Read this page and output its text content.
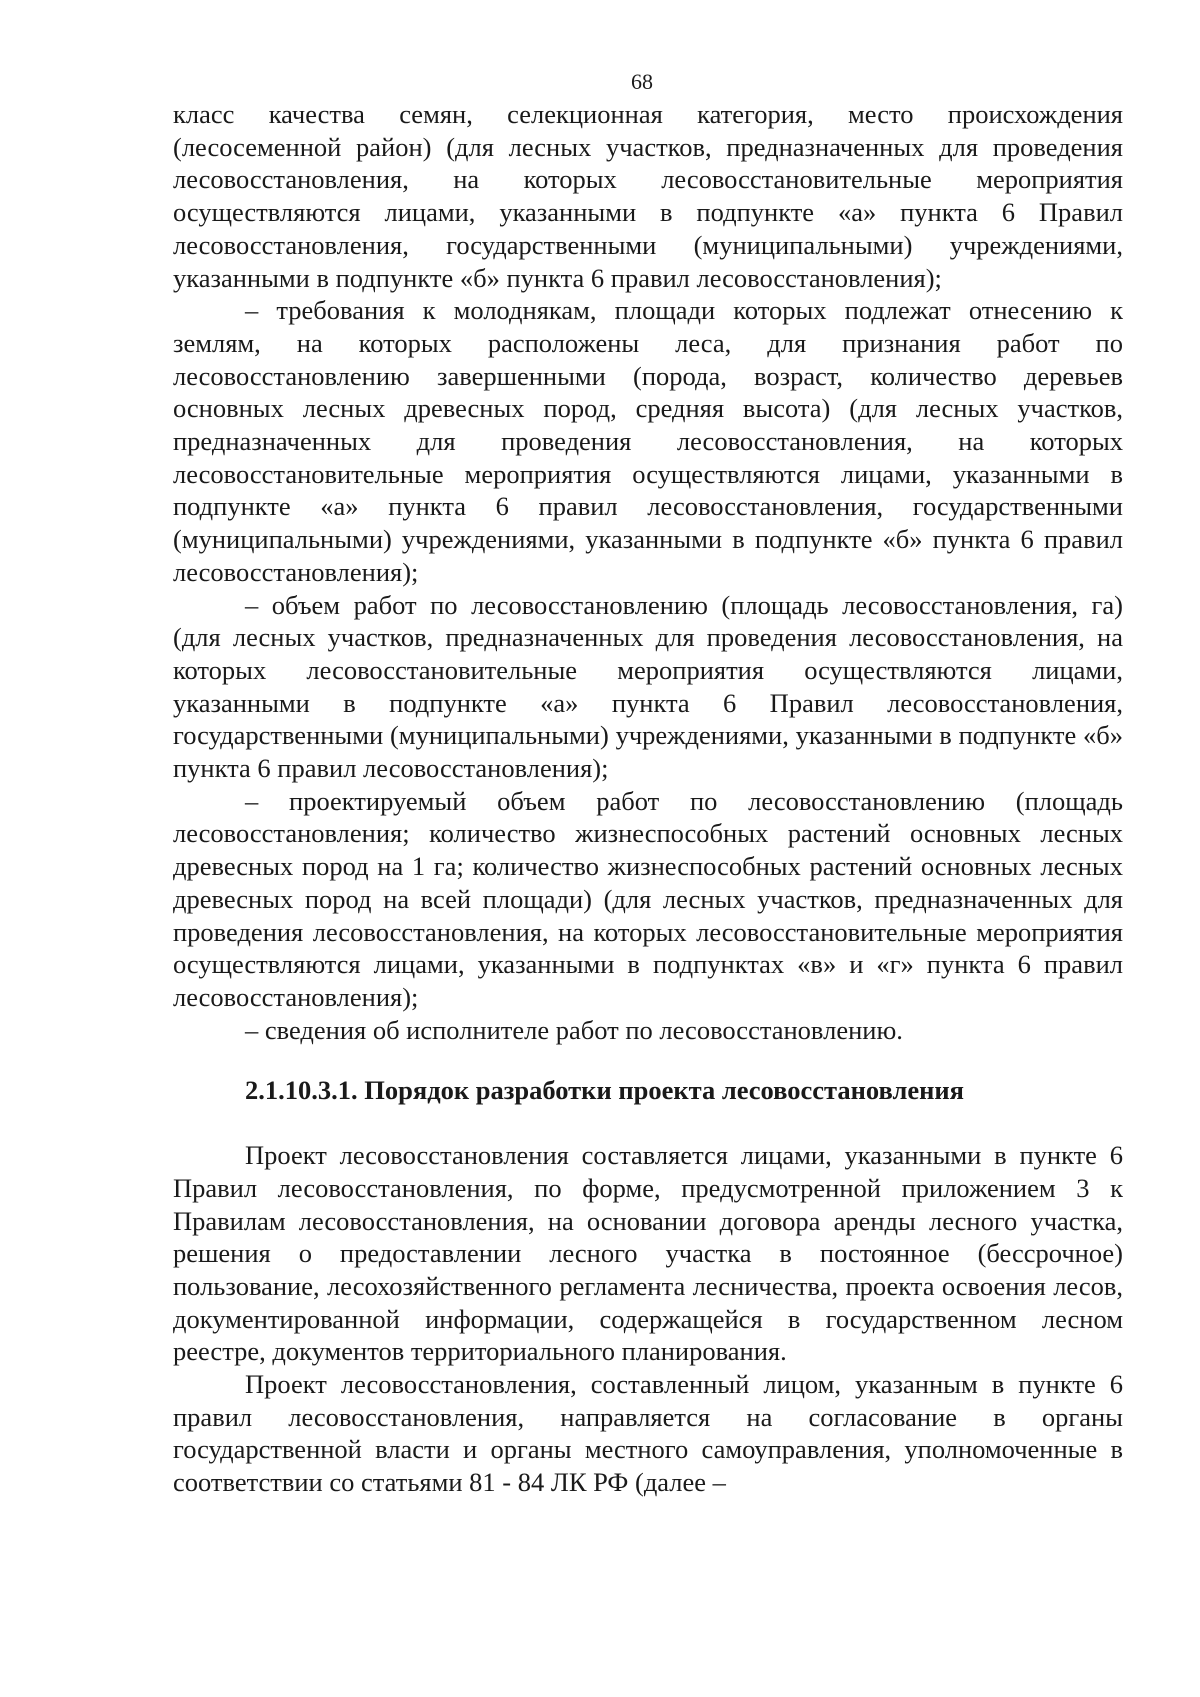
68

класс качества семян, селекционная категория, место происхождения (лесосеменной район) (для лесных участков, предназначенных для проведения лесовосстановления, на которых лесовосстановительные мероприятия осуществляются лицами, указанными в подпункте «а» пункта 6 Правил лесовосстановления, государственными (муниципальными) учреждениями, указанными в подпункте «б» пункта 6 правил лесовосстановления);

– требования к молоднякам, площади которых подлежат отнесению к землям, на которых расположены леса, для признания работ по лесовосстановлению завершенными (порода, возраст, количество деревьев основных лесных древесных пород, средняя высота) (для лесных участков, предназначенных для проведения лесовосстановления, на которых лесовосстановительные мероприятия осуществляются лицами, указанными в подпункте «а» пункта 6 правил лесовосстановления, государственными (муниципальными) учреждениями, указанными в подпункте «б» пункта 6 правил лесовосстановления);

– объем работ по лесовосстановлению (площадь лесовосстановления, га) (для лесных участков, предназначенных для проведения лесовосстановления, на которых лесовосстановительные мероприятия осуществляются лицами, указанными в подпункте «а» пункта 6 Правил лесовосстановления, государственными (муниципальными) учреждениями, указанными в подпункте «б» пункта 6 правил лесовосстановления);

– проектируемый объем работ по лесовосстановлению (площадь лесовосстановления; количество жизнеспособных растений основных лесных древесных пород на 1 га; количество жизнеспособных растений основных лесных древесных пород на всей площади) (для лесных участков, предназначенных для проведения лесовосстановления, на которых лесовосстановительные мероприятия осуществляются лицами, указанными в подпунктах «в» и «г» пункта 6 правил лесовосстановления);

– сведения об исполнителе работ по лесовосстановлению.

2.1.10.3.1. Порядок разработки проекта лесовосстановления

Проект лесовосстановления составляется лицами, указанными в пункте 6 Правил лесовосстановления, по форме, предусмотренной приложением 3 к Правилам лесовосстановления, на основании договора аренды лесного участка, решения о предоставлении лесного участка в постоянное (бессрочное) пользование, лесохозяйственного регламента лесничества, проекта освоения лесов, документированной информации, содержащейся в государственном лесном реестре, документов территориального планирования.

Проект лесовосстановления, составленный лицом, указанным в пункте 6 правил лесовосстановления, направляется на согласование в органы государственной власти и органы местного самоуправления, уполномоченные в соответствии со статьями 81 - 84 ЛК РФ (далее –
